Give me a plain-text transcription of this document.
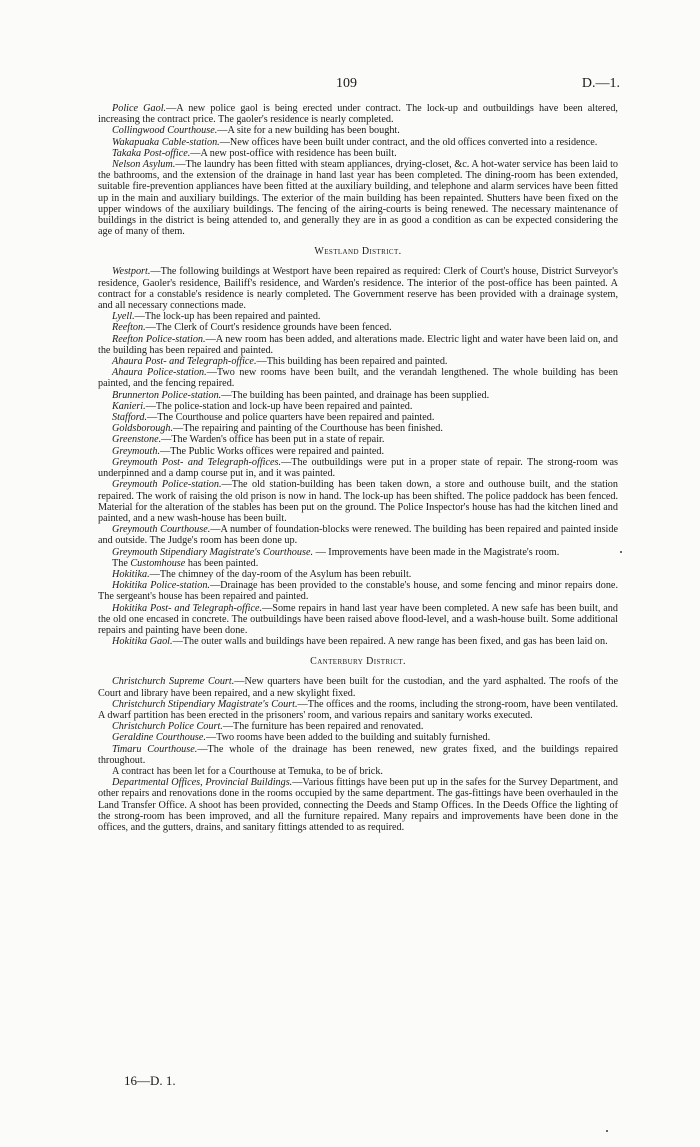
109	D.—1.

Police Gaol.—A new police gaol is being erected under contract. The lock-up and outbuildings have been altered, increasing the contract price. The gaoler's residence is nearly completed.

Collingwood Courthouse.—A site for a new building has been bought.

Wakapuaka Cable-station.—New offices have been built under contract, and the old offices converted into a residence.

Takaka Post-office.—A new post-office with residence has been built.

Nelson Asylum.—The laundry has been fitted with steam appliances, drying-closet, &c. A hot-water service has been laid to the bathrooms, and the extension of the drainage in hand last year has been completed. The dining-room has been extended, suitable fire-prevention appliances have been fitted at the auxiliary building, and telephone and alarm services have been fitted up in the main and auxiliary buildings. The exterior of the main building has been repainted. Shutters have been fixed on the upper windows of the auxiliary buildings. The fencing of the airing-courts is being renewed. The necessary maintenance of buildings in the district is being attended to, and generally they are in as good a condition as can be expected considering the age of many of them.

Westland District.

Westport.—The following buildings at Westport have been repaired as required: Clerk of Court's house, District Surveyor's residence, Gaoler's residence, Bailiff's residence, and Warden's residence. The interior of the post-office has been painted. A contract for a constable's residence is nearly completed. The Government reserve has been provided with a drainage system, and all necessary connections made.

Lyell.—The lock-up has been repaired and painted.

Reefton.—The Clerk of Court's residence grounds have been fenced.

Reefton Police-station.—A new room has been added, and alterations made. Electric light and water have been laid on, and the building has been repaired and painted.

Ahaura Post- and Telegraph-office.—This building has been repaired and painted.

Ahaura Police-station.—Two new rooms have been built, and the verandah lengthened. The whole building has been painted, and the fencing repaired.

Brunnerton Police-station.—The building has been painted, and drainage has been supplied.

Kanieri.—The police-station and lock-up have been repaired and painted.

Stafford.—The Courthouse and police quarters have been repaired and painted.

Goldsborough.—The repairing and painting of the Courthouse has been finished.

Greenstone.—The Warden's office has been put in a state of repair.

Greymouth.—The Public Works offices were repaired and painted.

Greymouth Post- and Telegraph-offices.—The outbuildings were put in a proper state of repair. The strong-room was underpinned and a damp course put in, and it was painted.

Greymouth Police-station.—The old station-building has been taken down, a store and outhouse built, and the station repaired. The work of raising the old prison is now in hand. The lock-up has been shifted. The police paddock has been fenced. Material for the alteration of the stables has been put on the ground. The Police Inspector's house has had the kitchen lined and painted, and a new wash-house has been built.

Greymouth Courthouse.—A number of foundation-blocks were renewed. The building has been repaired and painted inside and outside. The Judge's room has been done up.

Greymouth Stipendiary Magistrate's Courthouse. — Improvements have been made in the Magistrate's room.

The Customhouse has been painted.

Hokitika.—The chimney of the day-room of the Asylum has been rebuilt.

Hokitika Police-station.—Drainage has been provided to the constable's house, and some fencing and minor repairs done. The sergeant's house has been repaired and painted.

Hokitika Post- and Telegraph-office.—Some repairs in hand last year have been completed. A new safe has been built, and the old one encased in concrete. The outbuildings have been raised above flood-level, and a wash-house built. Some additional repairs and painting have been done.

Hokitika Gaol.—The outer walls and buildings have been repaired. A new range has been fixed, and gas has been laid on.

Canterbury District.

Christchurch Supreme Court.—New quarters have been built for the custodian, and the yard asphalted. The roofs of the Court and library have been repaired, and a new skylight fixed.

Christchurch Stipendiary Magistrate's Court.—The offices and the rooms, including the strong-room, have been ventilated. A dwarf partition has been erected in the prisoners' room, and various repairs and sanitary works executed.

Christchurch Police Court.—The furniture has been repaired and renovated.

Geraldine Courthouse.—Two rooms have been added to the building and suitably furnished.

Timaru Courthouse.—The whole of the drainage has been renewed, new grates fixed, and the buildings repaired throughout.

A contract has been let for a Courthouse at Temuka, to be of brick.

Departmental Offices, Provincial Buildings.—Various fittings have been put up in the safes for the Survey Department, and other repairs and renovations done in the rooms occupied by the same department. The gas-fittings have been overhauled in the Land Transfer Office. A shoot has been provided, connecting the Deeds and Stamp Offices. In the Deeds Office the lighting of the strong-room has been improved, and all the furniture repaired. Many repairs and improvements have been done in the offices, and the gutters, drains, and sanitary fittings attended to as required.

16—D. 1.
